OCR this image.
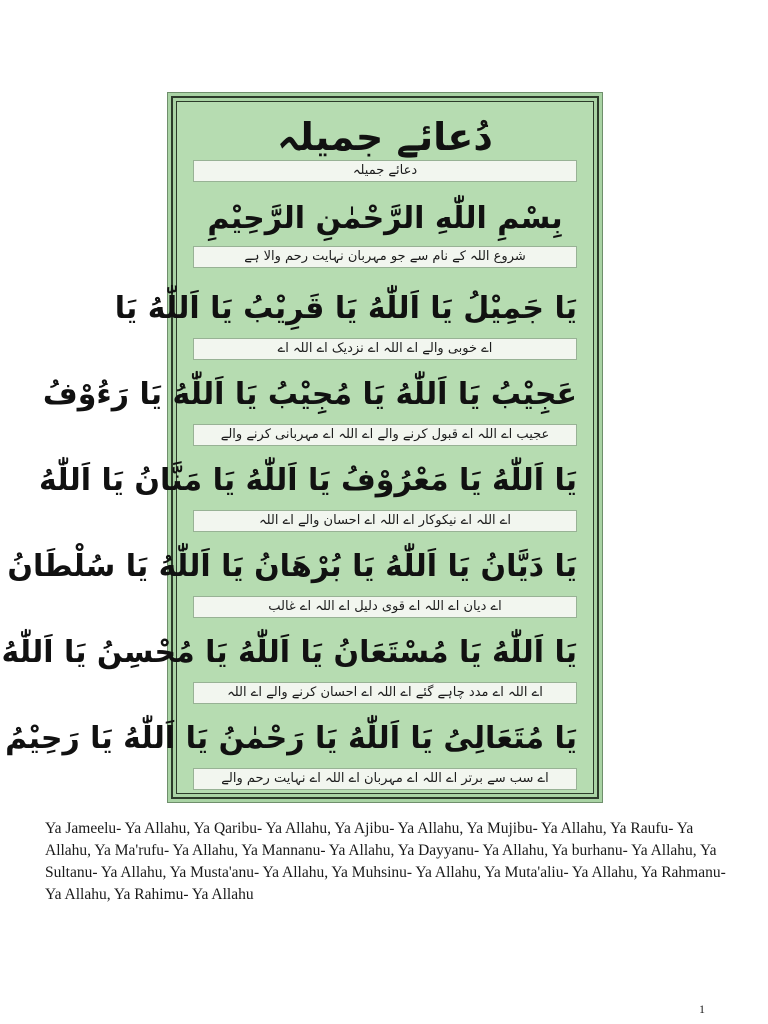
دُعائے جمیلہ
دعائے جمیلہ
بِسْمِ اللّٰهِ الرَّحْمٰنِ الرَّحِيْمِ
شروع اللہ کے نام سے جو مہربان نہایت رحم والا ہے
یَا جَمِیْلُ یَا اَللّٰهُ یَا قَرِیْبُ یَا اَللّٰهُ یَا
اے خوبی والے اے اللہ اے نزدیک اے اللہ اے
عَجِیْبُ یَا اَللّٰهُ یَا مُجِیْبُ یَا اَللّٰهُ یَا رَءُوْفُ
عجیب اے اللہ اے قبول کرنے والے اے اللہ اے مہربانی کرنے والے
یَا اَللّٰهُ یَا مَعْرُوْفُ یَا اَللّٰهُ یَا مَنَّانُ یَا اَللّٰهُ
اے اللہ اے نیکوکار اے اللہ اے احسان والے اے اللہ
یَا دَیَّانُ یَا اَللّٰهُ یَا بُرْهَانُ یَا اَللّٰهُ یَا سُلْطَانُ
اے دیان اے اللہ اے قوی دلیل اے اللہ اے غالب
یَا اَللّٰهُ یَا مُسْتَعَانُ یَا اَللّٰهُ یَا مُحْسِنُ یَا اَللّٰهُ
اے اللہ اے مدد چاہے گئے اے اللہ اے احسان کرنے والے اے اللہ
یَا مُتَعَالِیُ یَا اَللّٰهُ یَا رَحْمٰنُ یَا اَللّٰهُ یَا رَحِیْمُ
اے سب سے برتر اے اللہ اے مہربان اے اللہ اے نہایت رحم والے
Ya Jameelu- Ya Allahu, Ya Qaribu- Ya Allahu, Ya Ajibu- Ya Allahu, Ya Mujibu- Ya Allahu, Ya Raufu- Ya Allahu, Ya Ma'rufu- Ya Allahu, Ya Mannanu- Ya Allahu, Ya Dayyanu- Ya Allahu, Ya burhanu- Ya Allahu, Ya Sultanu- Ya Allahu, Ya Musta'anu- Ya Allahu, Ya Muhsinu- Ya Allahu, Ya Muta'aliu- Ya Allahu, Ya Rahmanu- Ya Allahu, Ya Rahimu- Ya Allahu
1
